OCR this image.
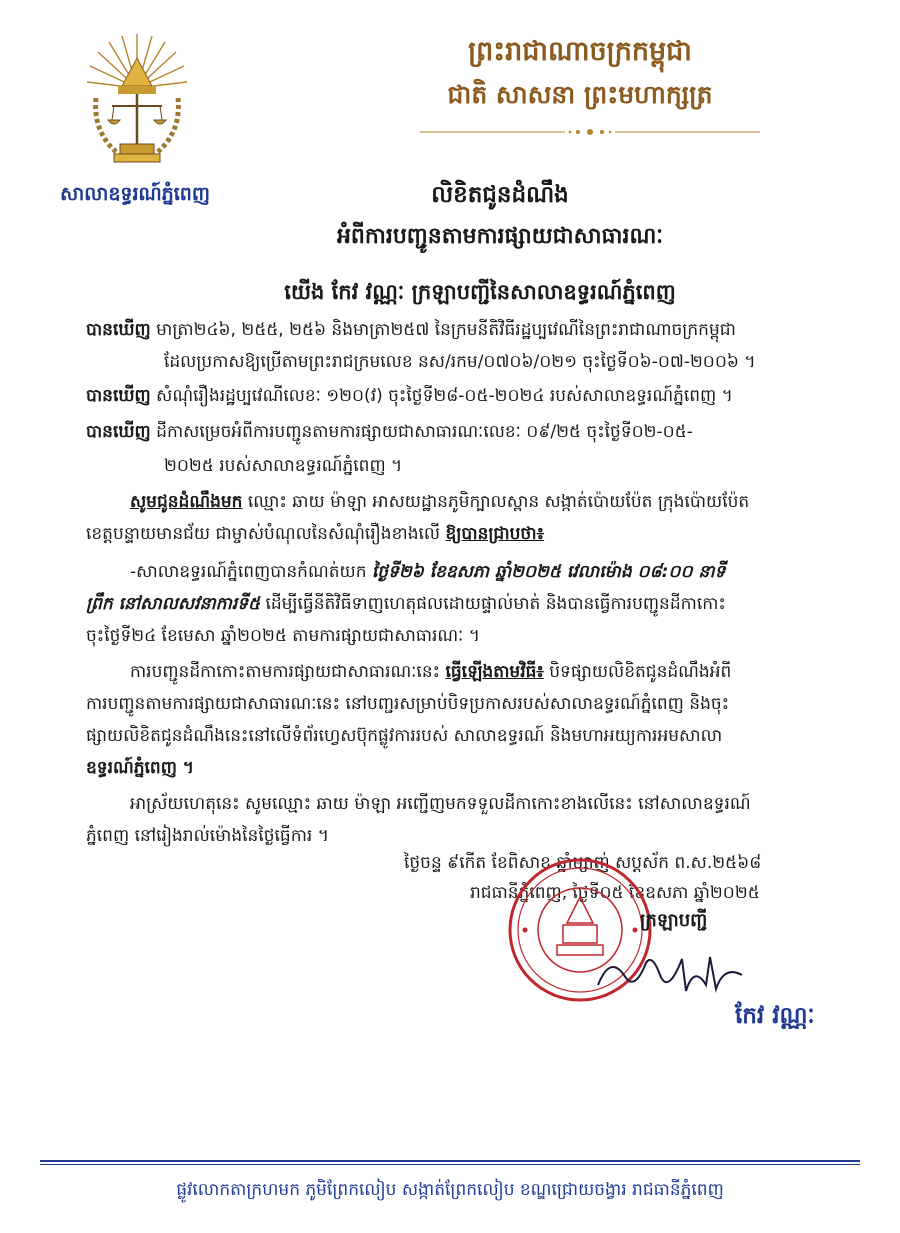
សាលាឧទ្ធរណ៍ភ្នំពេញ
ព្រះរាជាណាចក្រកម្ពុជា
ជាតិ សាសនា ព្រះមហាក្សត្រ
លិខិតជូនដំណឹង
អំពីការបញ្ជូនតាមការផ្សាយជាសាធារណៈ
យើង កែវ វណ្ណៈ ក្រឡាបញ្ជីនៃសាលាឧទ្ធរណ៍ភ្នំពេញ
បានឃើញ មាត្រា២៤៦, ២៥៥, ២៥៦ និងមាត្រា២៥៧ នៃក្រមនីតិវិធីរដ្ឋប្បវេណីនៃព្រះរាជាណាចក្រកម្ពុជា
ដែលប្រកាសឱ្យប្រើតាមព្រះរាជក្រមលេខ នស/រកម/០៧០៦/០២១ ចុះថ្ងៃទី០៦-០៧-២០០៦ ។
បានឃើញ សំណុំរឿងរដ្ឋប្បវេណីលេខៈ ១២០(វ) ចុះថ្ងៃទី២៨-០៥-២០២៤ របស់សាលាឧទ្ធរណ៍ភ្នំពេញ ។
បានឃើញ ដីកាសម្រេចអំពីការបញ្ជូនតាមការផ្សាយជាសាធារណៈលេខៈ ០៩/២៥ ចុះថ្ងៃទី០២-០៥-
២០២៥ របស់សាលាឧទ្ធរណ៍ភ្នំពេញ ។
សូមជូនដំណឹងមក ឈ្មោះ ឆាយ ម៉ាឡា អាសយដ្ឋានភូមិក្បាលស្ពាន សង្កាត់ប៉ោយប៉ែត ក្រុងប៉ោយប៉ែត
ខេត្តបន្ទាយមានជ័យ ជាម្ចាស់បំណុលនៃសំណុំរឿងខាងលើ ឱ្យបានជ្រាបថា៖
-សាលាឧទ្ធរណ៍ភ្នំពេញបានកំណត់យក ថ្ងៃទី២៦ ខែឧសភា ឆ្នាំ២០២៥ វេលាម៉ោង ០៨:០០ នាទី
ព្រឹក នៅសាលសវនាការទី៥ ដើម្បីធ្វើនីតិវិធីទាញហេតុផលដោយផ្ទាល់មាត់ និងបានធ្វើការបញ្ជូនដីកាកោះ
ចុះថ្ងៃទី២៤ ខែមេសា ឆ្នាំ២០២៥ តាមការផ្សាយជាសាធារណៈ ។
ការបញ្ជូនដីកាកោះតាមការផ្សាយជាសាធារណៈនេះ ធ្វើឡើងតាមវិធី៖ បិទផ្សាយលិខិតជូនដំណឹងអំពី
ការបញ្ជូនតាមការផ្សាយជាសាធារណៈនេះ នៅបញ្ជរសម្រាប់បិទប្រកាសរបស់សាលាឧទ្ធរណ៍ភ្នំពេញ និងចុះ
ផ្សាយលិខិតជូនដំណឹងនេះនៅលើទំព័រហ្វេសប៊ុកផ្លូវការរបស់ សាលាឧទ្ធរណ៍ និងមហាអយ្យការអមសាលា
ឧទ្ធរណ៍ភ្នំពេញ ។
អាស្រ័យហេតុនេះ សូមឈ្មោះ ឆាយ ម៉ាឡា អញ្ជើញមកទទួលដីកាកោះខាងលើនេះ នៅសាលាឧទ្ធរណ៍
ភ្នំពេញ នៅរៀងរាល់ម៉ោងនៃថ្ងៃធ្វើការ ។
ថ្ងៃចន្ទ ៩កើត ខែពិសាខ ឆ្នាំម្សាញ់ សប្តស័ក ព.ស.២៥៦៨
រាជធានីភ្នំពេញ, ថ្ងៃទី០៥ ខែឧសភា ឆ្នាំ២០២៥
ក្រឡាបញ្ជី
កែវ វណ្ណៈ
ផ្លូវលោកតាក្រហមក ភូមិព្រែកលៀប សង្កាត់ព្រែកលៀប ខណ្ឌជ្រោយចង្វារ រាជធានីភ្នំពេញ
